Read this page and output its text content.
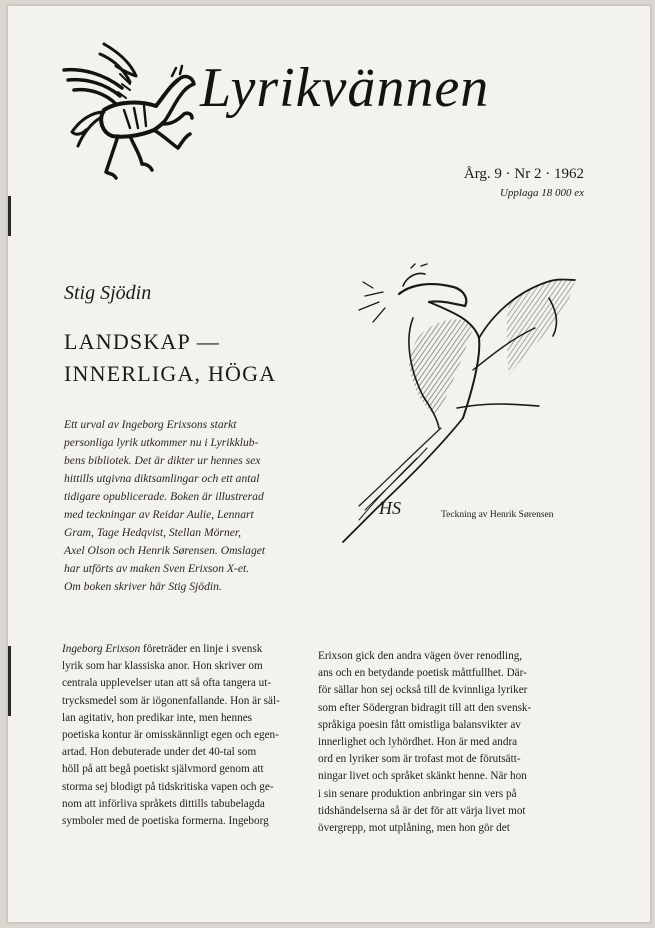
Lyrikvännen
Årg. 9 · Nr 2 · 1962
Upplaga 18 000 ex
Stig Sjödin
LANDSKAP —
INNERLIGA, HÖGA
Ett urval av Ingeborg Erixsons starkt
personliga lyrik utkommer nu i Lyrikklub-
bens bibliotek. Det är dikter ur hennes sex
hittills utgivna diktsamlingar och ett antal
tidigare opublicerade. Boken är illustrerad
med teckningar av Reidar Aulie, Lennart
Gram, Tage Hedqvist, Stellan Mörner,
Axel Olson och Henrik Sørensen. Omslaget
har utförts av maken Sven Erixson X-et.
Om boken skriver här Stig Sjödin.
HS	Teckning av Henrik Sørensen
Ingeborg Erixson företräder en linje i svensk
lyrik som har klassiska anor. Hon skriver om
centrala upplevelser utan att så ofta tangera ut-
trycksmedel som är iögonenfallande. Hon är säl-
lan agitativ, hon predikar inte, men hennes
poetiska kontur är omisskännligt egen och egen-
artad. Hon debuterade under det 40-tal som
höll på att begå poetiskt självmord genom att
storma sej blodigt på tidskritiska vapen och ge-
nom att införliva språkets dittills tabubelagda
symboler med de poetiska formerna. Ingeborg
Erixson gick den andra vägen över renodling,
ans och en betydande poetisk måttfullhet. Där-
för sällar hon sej också till de kvinnliga lyriker
som efter Södergran bidragit till att den svensk-
språkiga poesin fått omistliga balansvikter av
innerlighet och lyhördhet. Hon är med andra
ord en lyriker som är trofast mot de förutsätt-
ningar livet och språket skänkt henne. När hon
i sin senare produktion anbringar sin vers på
tidshändelserna så är det för att värja livet mot
övergrepp, mot utplåning, men hon gör det
